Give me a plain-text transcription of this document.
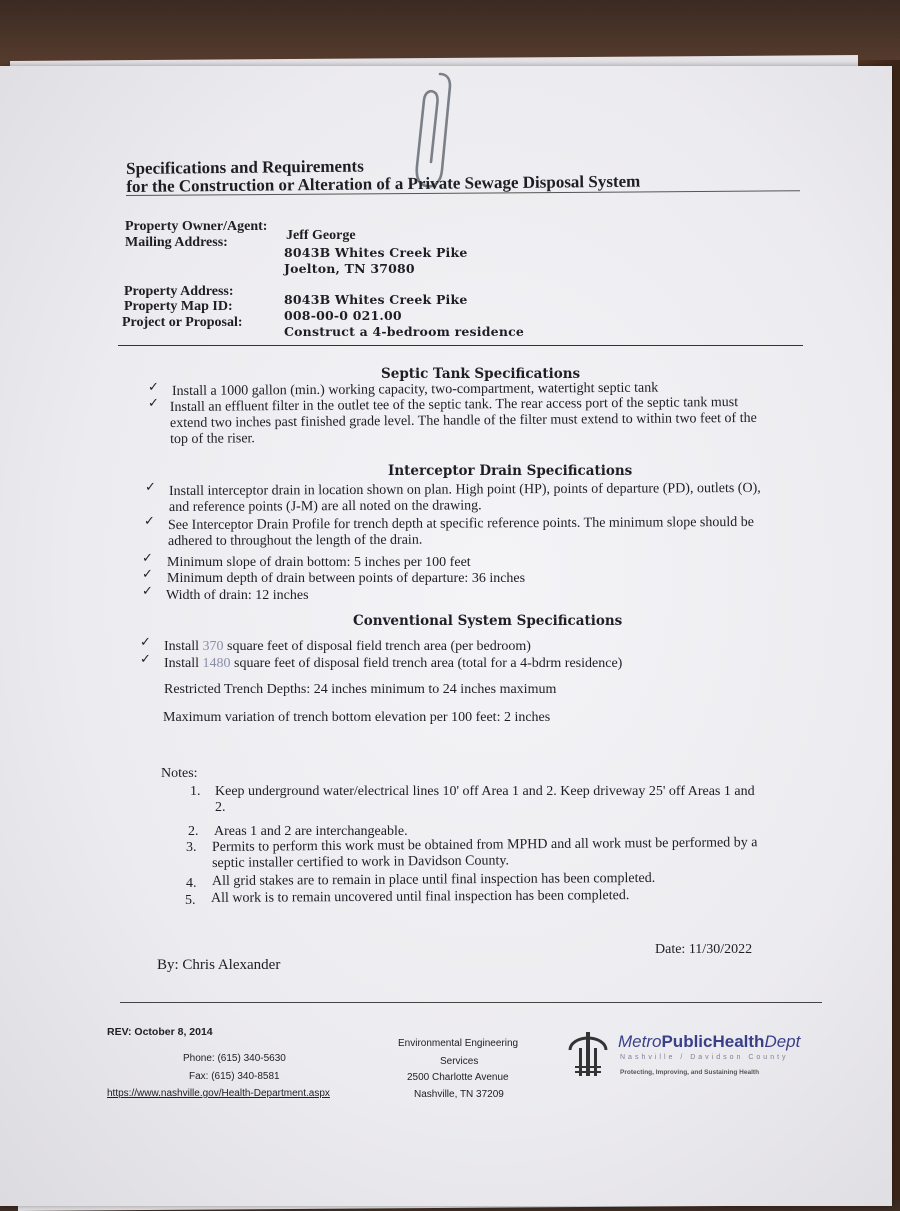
Specifications and Requirements
for the Construction or Alteration of a Private Sewage Disposal System
Property Owner/Agent:
Jeff George
Mailing Address:
8043B Whites Creek Pike
Joelton, TN 37080
Property Address:
8043B Whites Creek Pike
Property Map ID:
008-00-0 021.00
Project or Proposal:
Construct a 4-bedroom residence
Septic Tank Specifications
✓ Install a 1000 gallon (min.) working capacity, two-compartment, watertight septic tank
✓ Install an effluent filter in the outlet tee of the septic tank. The rear access port of the septic tank must
extend two inches past finished grade level. The handle of the filter must extend to within two feet of the
top of the riser.
Interceptor Drain Specifications
✓ Install interceptor drain in location shown on plan. High point (HP), points of departure (PD), outlets (O),
and reference points (J-M) are all noted on the drawing.
✓ See Interceptor Drain Profile for trench depth at specific reference points. The minimum slope should be
adhered to throughout the length of the drain.
✓ Minimum slope of drain bottom: 5 inches per 100 feet
✓ Minimum depth of drain between points of departure: 36 inches
✓ Width of drain: 12 inches
Conventional System Specifications
✓ Install 370 square feet of disposal field trench area (per bedroom)
✓ Install 1480 square feet of disposal field trench area (total for a 4-bdrm residence)
Restricted Trench Depths: 24 inches minimum to 24 inches maximum
Maximum variation of trench bottom elevation per 100 feet: 2 inches
Notes:
1. Keep underground water/electrical lines 10' off Area 1 and 2. Keep driveway 25' off Areas 1 and
2.
2. Areas 1 and 2 are interchangeable.
3. Permits to perform this work must be obtained from MPHD and all work must be performed by a
septic installer certified to work in Davidson County.
4. All grid stakes are to remain in place until final inspection has been completed.
5. All work is to remain uncovered until final inspection has been completed.
Date: 11/30/2022
By: Chris Alexander
REV: October 8, 2014
Phone: (615) 340-5630
Fax: (615) 340-8581
https://www.nashville.gov/Health-Department.aspx
Environmental Engineering
Services
2500 Charlotte Avenue
Nashville, TN 37209
MetroPublicHealthDept
Nashville / Davidson County
Protecting, Improving, and Sustaining Health
